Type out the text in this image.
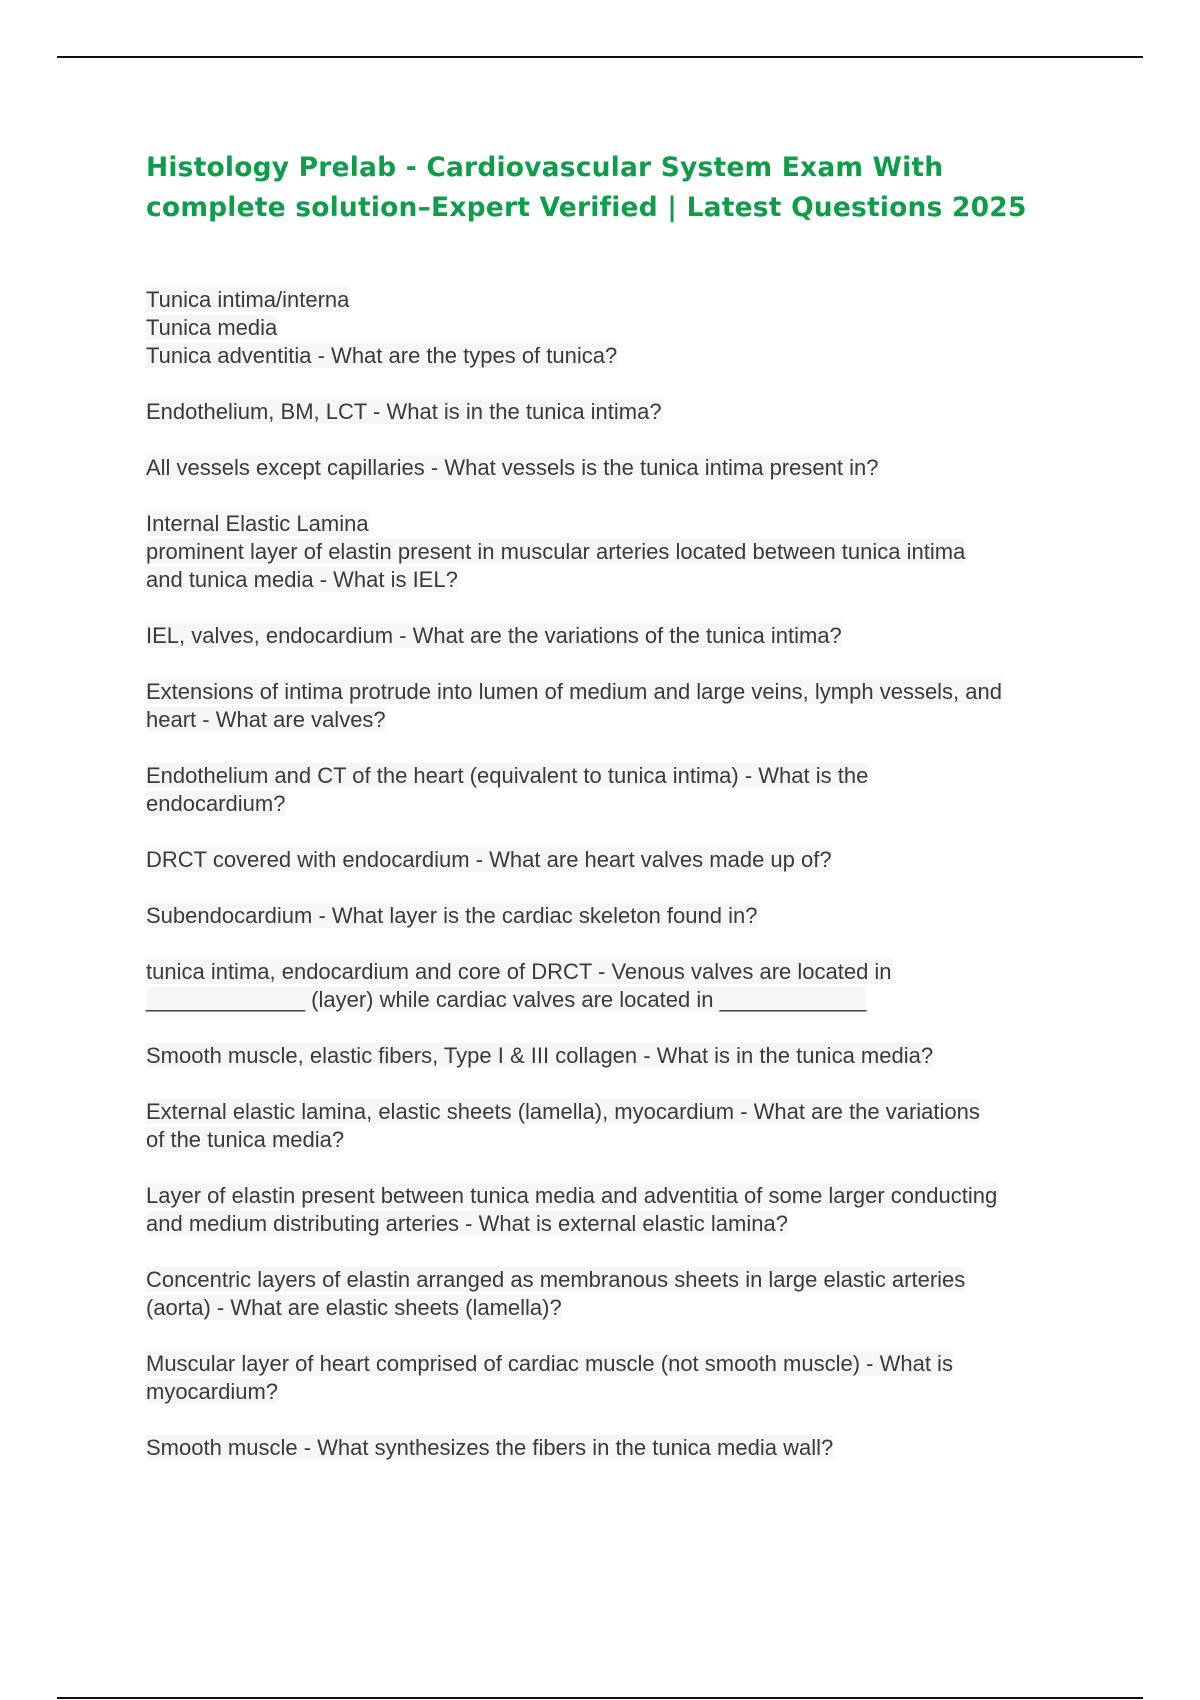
Histology Prelab - Cardiovascular System Exam With
complete solution–Expert Verified | Latest Questions 2025
Tunica intima/interna
Tunica media
Tunica adventitia - What are the types of tunica?
Endothelium, BM, LCT - What is in the tunica intima?
All vessels except capillaries - What vessels is the tunica intima present in?
Internal Elastic Lamina
prominent layer of elastin present in muscular arteries located between tunica intima
and tunica media - What is IEL?
IEL, valves, endocardium - What are the variations of the tunica intima?
Extensions of intima protrude into lumen of medium and large veins, lymph vessels, and
heart - What are valves?
Endothelium and CT of the heart (equivalent to tunica intima) - What is the
endocardium?
DRCT covered with endocardium - What are heart valves made up of?
Subendocardium - What layer is the cardiac skeleton found in?
tunica intima, endocardium and core of DRCT - Venous valves are located in
_____________ (layer) while cardiac valves are located in ____________
Smooth muscle, elastic fibers, Type I & III collagen - What is in the tunica media?
External elastic lamina, elastic sheets (lamella), myocardium - What are the variations
of the tunica media?
Layer of elastin present between tunica media and adventitia of some larger conducting
and medium distributing arteries - What is external elastic lamina?
Concentric layers of elastin arranged as membranous sheets in large elastic arteries
(aorta) - What are elastic sheets (lamella)?
Muscular layer of heart comprised of cardiac muscle (not smooth muscle) - What is
myocardium?
Smooth muscle - What synthesizes the fibers in the tunica media wall?
